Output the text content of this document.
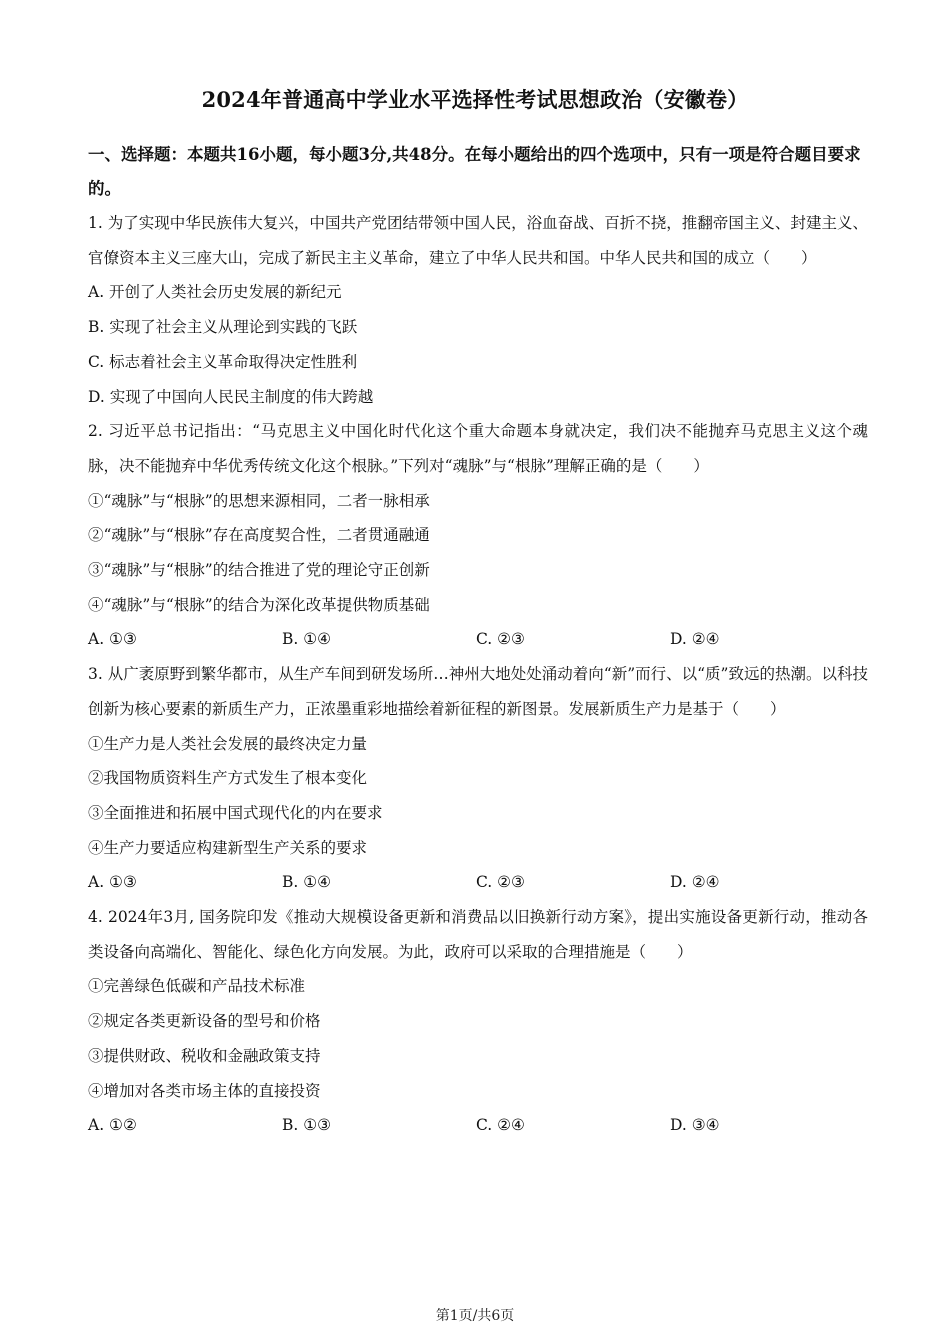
2024年普通高中学业水平选择性考试思想政治（安徽卷）
一、选择题：本题共16小题，每小题3分,共48分。在每小题给出的四个选项中，只有一项是符合题目要求的。

1. 为了实现中华民族伟大复兴，中国共产党团结带领中国人民，浴血奋战、百折不挠，推翻帝国主义、封建主义、官僚资本主义三座大山，完成了新民主主义革命，建立了中华人民共和国。中华人民共和国的成立（　　）

A. 开创了人类社会历史发展的新纪元

B. 实现了社会主义从理论到实践的飞跃

C. 标志着社会主义革命取得决定性胜利

D. 实现了中国向人民民主制度的伟大跨越

2. 习近平总书记指出：“马克思主义中国化时代化这个重大命题本身就决定，我们决不能抛弃马克思主义这个魂脉，决不能抛弃中华优秀传统文化这个根脉。”下列对“魂脉”与“根脉”理解正确的是（　　）

①“魂脉”与“根脉”的思想来源相同，二者一脉相承

②“魂脉”与“根脉”存在高度契合性，二者贯通融通

③“魂脉”与“根脉”的结合推进了党的理论守正创新

④“魂脉”与“根脉”的结合为深化改革提供物质基础

A. ①③	B. ①④	C. ②③	D. ②④

3. 从广袤原野到繁华都市，从生产车间到研发场所…神州大地处处涌动着向“新”而行、以“质”致远的热潮。以科技创新为核心要素的新质生产力，正浓墨重彩地描绘着新征程的新图景。发展新质生产力是基于（　　）

①生产力是人类社会发展的最终决定力量

②我国物质资料生产方式发生了根本变化

③全面推进和拓展中国式现代化的内在要求

④生产力要适应构建新型生产关系的要求

A. ①③	B. ①④	C. ②③	D. ②④

4. 2024年3月, 国务院印发《推动大规模设备更新和消费品以旧换新行动方案》，提出实施设备更新行动，推动各类设备向高端化、智能化、绿色化方向发展。为此，政府可以采取的合理措施是（　　）

①完善绿色低碳和产品技术标准

②规定各类更新设备的型号和价格

③提供财政、税收和金融政策支持

④增加对各类市场主体的直接投资

A. ①②	B. ①③	C. ②④	D. ③④

第1页/共6页
